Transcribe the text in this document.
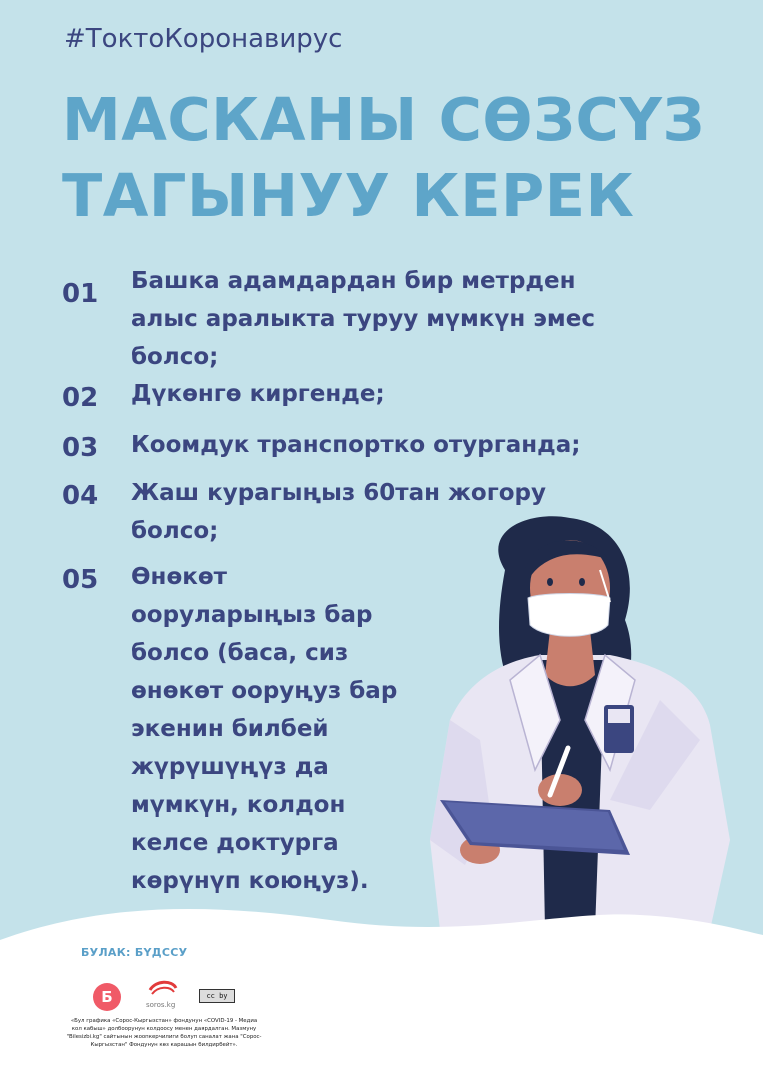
#ТоктоКоронавирус
МАСКАНЫ СӨЗСҮЗ
ТАГЫНУУ КЕРЕК
01 Башка адамдардан бир метрден
алыс аралыкта туруу мүмкүн эмес
болсо;
02 Дүкөнгө киргенде;
03 Коомдук транспортко отурганда;
04 Жаш курагыңыз 60тан жогору
болсо;
05 Өнөкөт
ооруларыңыз бар
болсо (баса, сиз
өнөкөт ооруңуз бар
экенин билбей
жүрүшүңүз да
мүмкүн, колдон
келсе доктурга
көрүнүп коюңуз).
БУЛАК: БҮДССУ
Б	soros.kg
cc by
«Бул графика «Сорос-Кыргызстан» фондунун «COVID-19 - Медиа кол кабыш» долбоорунун колдоосу менен даярдалган. Мазмуну "Bilesizbi.kg" сайтынын жоопкерчилиги болуп саналат жана "Сорос-Кыргызстан" Фондунун көз карашын билдирбейт».
